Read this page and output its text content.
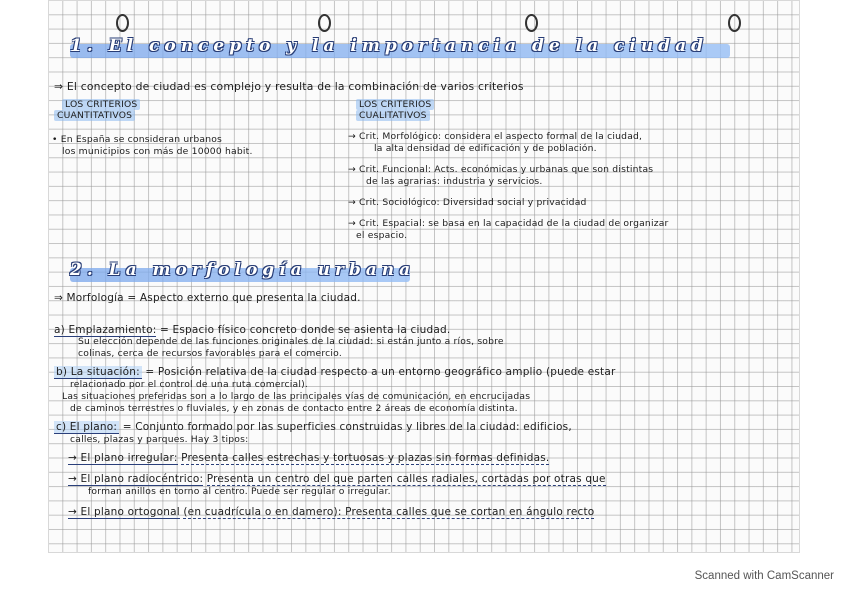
1. El concepto y la importancia de la ciudad
⇒ El concepto de ciudad es complejo y resulta de la combinación de varios criterios
LOS CRITERIOS
CUANTITATIVOS
• En España se consideran urbanos
los municipios con más de 10000 habit.
LOS CRITERIOS
CUALITATIVOS
→ Crit. Morfológico: considera el aspecto formal de la ciudad,
la alta densidad de edificación y de población.
→ Crit. Funcional: Acts. económicas y urbanas que son distintas
de las agrarias: industria y servicios.
→ Crit. Sociológico: Diversidad social y privacidad
→ Crit. Espacial: se basa en la capacidad de la ciudad de organizar
el espacio.
2. La morfología urbana
⇒ Morfología = Aspecto externo que presenta la ciudad.
a) Emplazamiento: = Espacio físico concreto donde se asienta la ciudad.
Su elección depende de las funciones originales de la ciudad: si están junto a ríos, sobre
colinas, cerca de recursos favorables para el comercio.
b) La situación: = Posición relativa de la ciudad respecto a un entorno geográfico amplio (puede estar
relacionado por el control de una ruta comercial).
Las situaciones preferidas son a lo largo de las principales vías de comunicación, en encrucijadas
de caminos terrestres o fluviales, y en zonas de contacto entre 2 áreas de economía distinta.
c) El plano: = Conjunto formado por las superficies construidas y libres de la ciudad: edificios,
calles, plazas y parques. Hay 3 tipos:
→ El plano irregular: Presenta calles estrechas y tortuosas y plazas sin formas definidas.
→ El plano radiocéntrico: Presenta un centro del que parten calles radiales, cortadas por otras que
forman anillos en torno al centro. Puede ser regular o irregular.
→ El plano ortogonal (en cuadrícula o en damero): Presenta calles que se cortan en ángulo recto
Scanned with CamScanner
